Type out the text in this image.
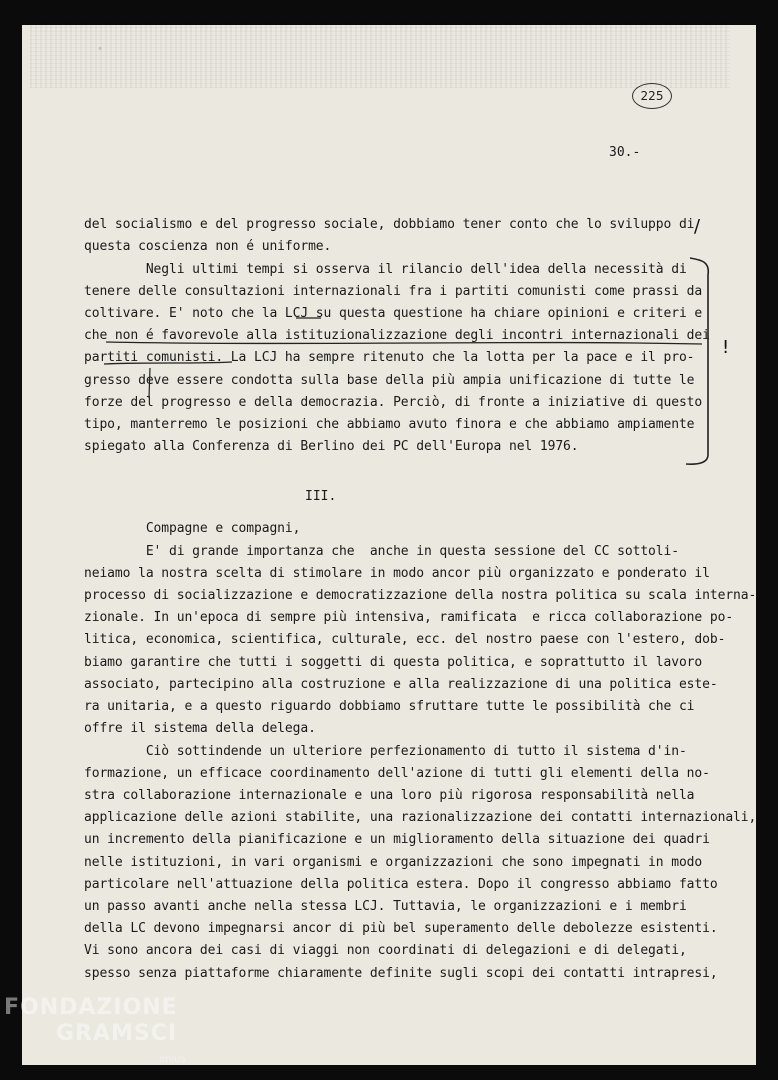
225
30.-
del socialismo e del progresso sociale, dobbiamo tener conto che lo sviluppo di
questa coscienza non é uniforme.
Negli ultimi tempi si osserva il rilancio dell'idea della necessità di
tenere delle consultazioni internazionali fra i partiti comunisti come prassi da
coltivare. E' noto che la LCJ su questa questione ha chiare opinioni e criteri e
che non é favorevole alla istituzionalizzazione degli incontri internazionali dei
partiti comunisti. La LCJ ha sempre ritenuto che la lotta per la pace e il pro-
gresso deve essere condotta sulla base della più ampia unificazione di tutte le
forze del progresso e della democrazia. Perciò, di fronte a iniziative di questo
tipo, manterremo le posizioni che abbiamo avuto finora e che abbiamo ampiamente
spiegato alla Conferenza di Berlino dei PC dell'Europa nel 1976.
III.
Compagne e compagni,
E' di grande importanza che  anche in questa sessione del CC sottoli-
neiamo la nostra scelta di stimolare in modo ancor più organizzato e ponderato il
processo di socializzazione e democratizzazione della nostra politica su scala interna-
zionale. In un'epoca di sempre più intensiva, ramificata  e ricca collaborazione po-
litica, economica, scientifica, culturale, ecc. del nostro paese con l'estero, dob-
biamo garantire che tutti i soggetti di questa politica, e soprattutto il lavoro
associato, partecipino alla costruzione e alla realizzazione di una politica este-
ra unitaria, e a questo riguardo dobbiamo sfruttare tutte le possibilità che ci
offre il sistema della delega.
Ciò sottindende un ulteriore perfezionamento di tutto il sistema d'in-
formazione, un efficace coordinamento dell'azione di tutti gli elementi della no-
stra collaborazione internazionale e una loro più rigorosa responsabilità nella
applicazione delle azioni stabilite, una razionalizzazione dei contatti internazionali,
un incremento della pianificazione e un miglioramento della situazione dei quadri
nelle istituzioni, in vari organismi e organizzazioni che sono impegnati in modo
particolare nell'attuazione della politica estera. Dopo il congresso abbiamo fatto
un passo avanti anche nella stessa LCJ. Tuttavia, le organizzazioni e i membri
della LC devono impegnarsi ancor di più bel superamento delle debolezze esistenti.
Vi sono ancora dei casi di viaggi non coordinati di delegazioni e di delegati,
spesso senza piattaforme chiaramente definite sugli scopi dei contatti intrapresi,
/
!
FONDAZIONE
GRAMSCI
onlus
